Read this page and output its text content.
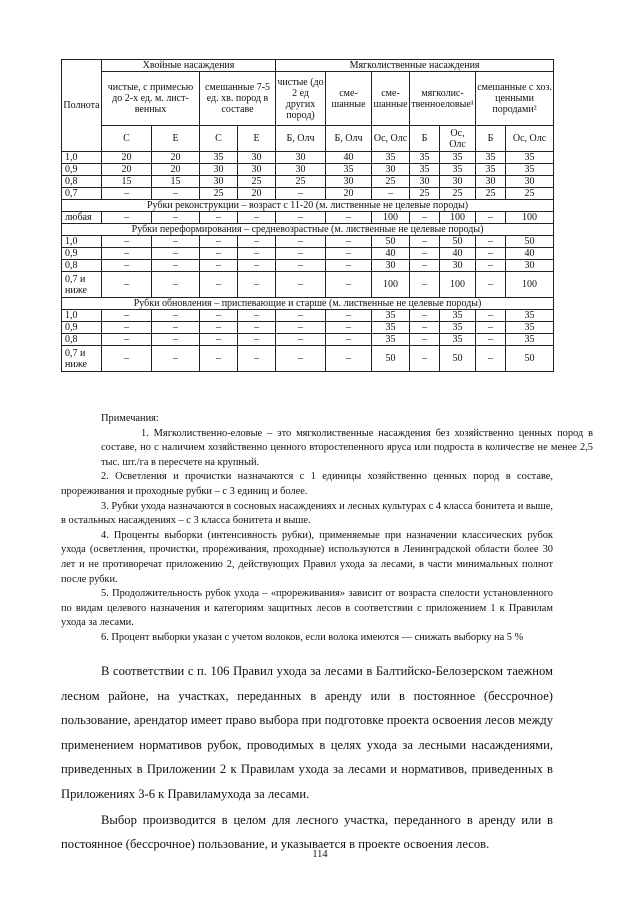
Полнота	Хвойные насаждения				Мягколиственные насаждения						
	чистые, с примесью до 2-х ед. м. лиственных		смешанные 7-5 ед. хв. пород в составе		чистые (до 2 ед других пород)	смешанные	смешанные	мягколиственноеловые¹		смешанные с хоз. ценными породами²	
	С	Е	С	Е	Б, Олч	Б, Олч	Ос, Олс	Б	Ос, Олс	Б	Ос, Олс
1,0	20	20	35	30	30	40	35	35	35	35	35
0,9	20	20	30	30	30	35	30	35	35	35	35
0,8	15	15	30	25	25	30	25	30	30	30	30
0,7	–	–	25	20	–	20	–	25	25	25	25
Рубки реконструкции – возраст с 11-20 (м. лиственные не целевые породы)											
любая	–	–	–	–	–	–	100	–	100	–	100
Рубки переформирования – средневозрастные (м. лиственные не целевые породы)											
1,0	–	–	–	–	–	–	50	–	50	–	50
0,9	–	–	–	–	–	–	40	–	40	–	40
0,8	–	–	–	–	–	–	30	–	30	–	30
0,7 и ниже	–	–	–	–	–	–	100	–	100	–	100
Рубки обновления – приспевающие и старше (м. лиственные не целевые породы)											
1,0	–	–	–	–	–	–	35	–	35	–	35
0,9	–	–	–	–	–	–	35	–	35	–	35
0,8	–	–	–	–	–	–	35	–	35	–	35
0,7 и ниже	–	–	–	–	–	–	50	–	50	–	50

Примечания:

1. Мягколиственно-еловые – это мягколиственные насаждения без хозяйственно ценных пород в составе, но с наличием хозяйственно ценного второстепенного яруса или подроста в количестве не менее 2,5 тыс. шт./га в пересчете на крупный.

2. Осветления и прочистки назначаются с 1 единицы хозяйственно ценных пород в составе, прореживания и проходные рубки – с 3 единиц и более.

3. Рубки ухода назначаются в сосновых насаждениях и лесных культурах с 4 класса бонитета и выше, в остальных насаждениях – с 3 класса бонитета и выше.

4. Проценты выборки (интенсивность рубки), применяемые при назначении классических рубок ухода (осветления, прочистки, прореживания, проходные) используются в Ленинградской области более 30 лет и не противоречат приложению 2, действующих Правил ухода за лесами, в части минимальных полнот после рубки.

5. Продолжительность рубок ухода – «прореживания» зависит от возраста спелости установленного по видам целевого назначения и категориям защитных лесов в соответствии с приложением 1 к Правилам ухода за лесами.

6. Процент выборки указан с учетом волоков, если волока имеются — снижать выборку на 5 %

В соответствии с п. 106 Правил ухода за лесами в Балтийско-Белозерском таежном лесном районе, на участках, переданных в аренду или в постоянное (бессрочное) пользование, арендатор имеет право выбора при подготовке проекта освоения лесов между применением нормативов рубок, проводимых в целях ухода за лесными насаждениями, приведенных в Приложении 2 к Правилам ухода за лесами и нормативов, приведенных в Приложениях 3-6 к Правиламухода за лесами.

Выбор производится в целом для лесного участка, переданного в аренду или в постоянное (бессрочное) пользование, и указывается в проекте освоения лесов.

114
